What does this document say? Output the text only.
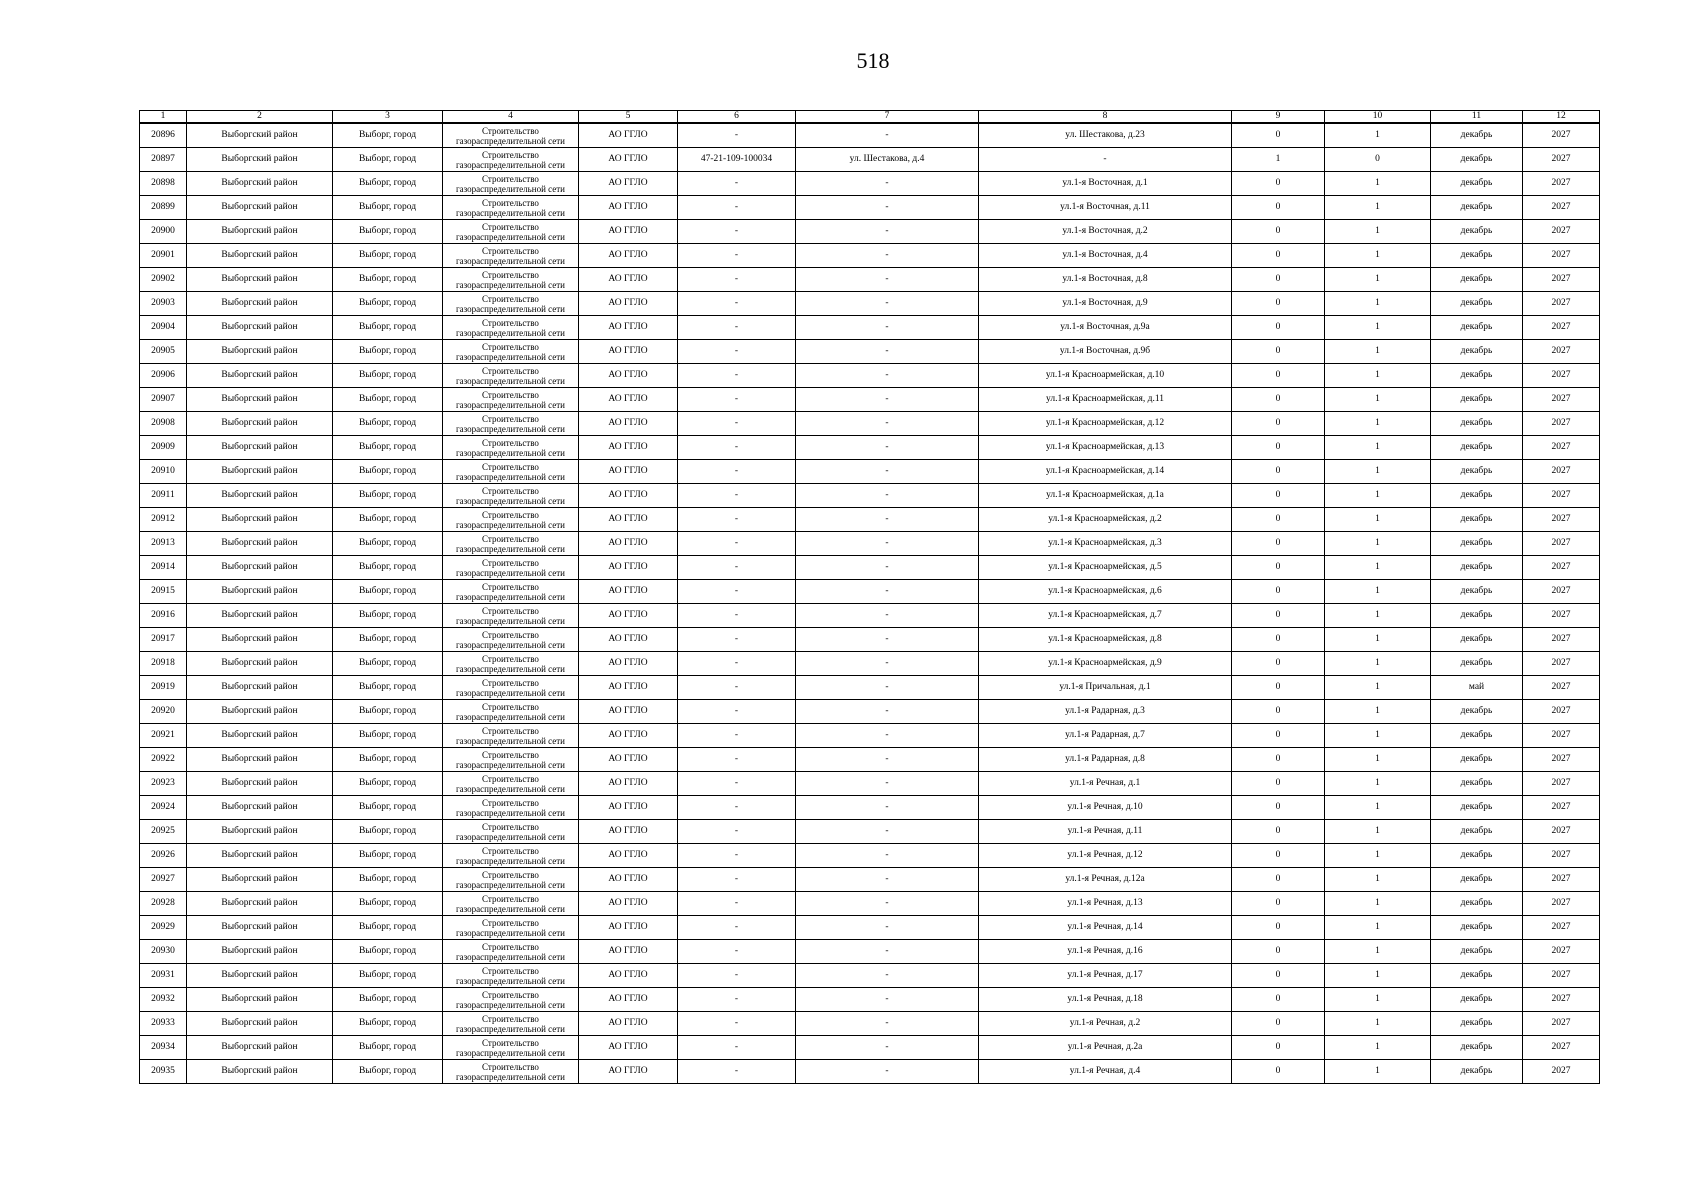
518
1	2	3	4	5	6	7	8	9	10	11	12
20896	Выборгский район	Выборг, город	Строительство газораспределительной сети	АО ГГЛО	-	-	ул. Шестакова, д.23	0	1	декабрь	2027
20897	Выборгский район	Выборг, город	Строительство газораспределительной сети	АО ГГЛО	47-21-109-100034	ул. Шестакова, д.4	-	1	0	декабрь	2027
20898	Выборгский район	Выборг, город	Строительство газораспределительной сети	АО ГГЛО	-	-	ул.1-я Восточная, д.1	0	1	декабрь	2027
20899	Выборгский район	Выборг, город	Строительство газораспределительной сети	АО ГГЛО	-	-	ул.1-я Восточная, д.11	0	1	декабрь	2027
20900	Выборгский район	Выборг, город	Строительство газораспределительной сети	АО ГГЛО	-	-	ул.1-я Восточная, д.2	0	1	декабрь	2027
20901	Выборгский район	Выборг, город	Строительство газораспределительной сети	АО ГГЛО	-	-	ул.1-я Восточная, д.4	0	1	декабрь	2027
20902	Выборгский район	Выборг, город	Строительство газораспределительной сети	АО ГГЛО	-	-	ул.1-я Восточная, д.8	0	1	декабрь	2027
20903	Выборгский район	Выборг, город	Строительство газораспределительной сети	АО ГГЛО	-	-	ул.1-я Восточная, д.9	0	1	декабрь	2027
20904	Выборгский район	Выборг, город	Строительство газораспределительной сети	АО ГГЛО	-	-	ул.1-я Восточная, д.9а	0	1	декабрь	2027
20905	Выборгский район	Выборг, город	Строительство газораспределительной сети	АО ГГЛО	-	-	ул.1-я Восточная, д.9б	0	1	декабрь	2027
20906	Выборгский район	Выборг, город	Строительство газораспределительной сети	АО ГГЛО	-	-	ул.1-я Красноармейская, д.10	0	1	декабрь	2027
20907	Выборгский район	Выборг, город	Строительство газораспределительной сети	АО ГГЛО	-	-	ул.1-я Красноармейская, д.11	0	1	декабрь	2027
20908	Выборгский район	Выборг, город	Строительство газораспределительной сети	АО ГГЛО	-	-	ул.1-я Красноармейская, д.12	0	1	декабрь	2027
20909	Выборгский район	Выборг, город	Строительство газораспределительной сети	АО ГГЛО	-	-	ул.1-я Красноармейская, д.13	0	1	декабрь	2027
20910	Выборгский район	Выборг, город	Строительство газораспределительной сети	АО ГГЛО	-	-	ул.1-я Красноармейская, д.14	0	1	декабрь	2027
20911	Выборгский район	Выборг, город	Строительство газораспределительной сети	АО ГГЛО	-	-	ул.1-я Красноармейская, д.1а	0	1	декабрь	2027
20912	Выборгский район	Выборг, город	Строительство газораспределительной сети	АО ГГЛО	-	-	ул.1-я Красноармейская, д.2	0	1	декабрь	2027
20913	Выборгский район	Выборг, город	Строительство газораспределительной сети	АО ГГЛО	-	-	ул.1-я Красноармейская, д.3	0	1	декабрь	2027
20914	Выборгский район	Выборг, город	Строительство газораспределительной сети	АО ГГЛО	-	-	ул.1-я Красноармейская, д.5	0	1	декабрь	2027
20915	Выборгский район	Выборг, город	Строительство газораспределительной сети	АО ГГЛО	-	-	ул.1-я Красноармейская, д.6	0	1	декабрь	2027
20916	Выборгский район	Выборг, город	Строительство газораспределительной сети	АО ГГЛО	-	-	ул.1-я Красноармейская, д.7	0	1	декабрь	2027
20917	Выборгский район	Выборг, город	Строительство газораспределительной сети	АО ГГЛО	-	-	ул.1-я Красноармейская, д.8	0	1	декабрь	2027
20918	Выборгский район	Выборг, город	Строительство газораспределительной сети	АО ГГЛО	-	-	ул.1-я Красноармейская, д.9	0	1	декабрь	2027
20919	Выборгский район	Выборг, город	Строительство газораспределительной сети	АО ГГЛО	-	-	ул.1-я Причальная, д.1	0	1	май	2027
20920	Выборгский район	Выборг, город	Строительство газораспределительной сети	АО ГГЛО	-	-	ул.1-я Радарная, д.3	0	1	декабрь	2027
20921	Выборгский район	Выборг, город	Строительство газораспределительной сети	АО ГГЛО	-	-	ул.1-я Радарная, д.7	0	1	декабрь	2027
20922	Выборгский район	Выборг, город	Строительство газораспределительной сети	АО ГГЛО	-	-	ул.1-я Радарная, д.8	0	1	декабрь	2027
20923	Выборгский район	Выборг, город	Строительство газораспределительной сети	АО ГГЛО	-	-	ул.1-я Речная, д.1	0	1	декабрь	2027
20924	Выборгский район	Выборг, город	Строительство газораспределительной сети	АО ГГЛО	-	-	ул.1-я Речная, д.10	0	1	декабрь	2027
20925	Выборгский район	Выборг, город	Строительство газораспределительной сети	АО ГГЛО	-	-	ул.1-я Речная, д.11	0	1	декабрь	2027
20926	Выборгский район	Выборг, город	Строительство газораспределительной сети	АО ГГЛО	-	-	ул.1-я Речная, д.12	0	1	декабрь	2027
20927	Выборгский район	Выборг, город	Строительство газораспределительной сети	АО ГГЛО	-	-	ул.1-я Речная, д.12а	0	1	декабрь	2027
20928	Выборгский район	Выборг, город	Строительство газораспределительной сети	АО ГГЛО	-	-	ул.1-я Речная, д.13	0	1	декабрь	2027
20929	Выборгский район	Выборг, город	Строительство газораспределительной сети	АО ГГЛО	-	-	ул.1-я Речная, д.14	0	1	декабрь	2027
20930	Выборгский район	Выборг, город	Строительство газораспределительной сети	АО ГГЛО	-	-	ул.1-я Речная, д.16	0	1	декабрь	2027
20931	Выборгский район	Выборг, город	Строительство газораспределительной сети	АО ГГЛО	-	-	ул.1-я Речная, д.17	0	1	декабрь	2027
20932	Выборгский район	Выборг, город	Строительство газораспределительной сети	АО ГГЛО	-	-	ул.1-я Речная, д.18	0	1	декабрь	2027
20933	Выборгский район	Выборг, город	Строительство газораспределительной сети	АО ГГЛО	-	-	ул.1-я Речная, д.2	0	1	декабрь	2027
20934	Выборгский район	Выборг, город	Строительство газораспределительной сети	АО ГГЛО	-	-	ул.1-я Речная, д.2а	0	1	декабрь	2027
20935	Выборгский район	Выборг, город	Строительство газораспределительной сети	АО ГГЛО	-	-	ул.1-я Речная, д.4	0	1	декабрь	2027
